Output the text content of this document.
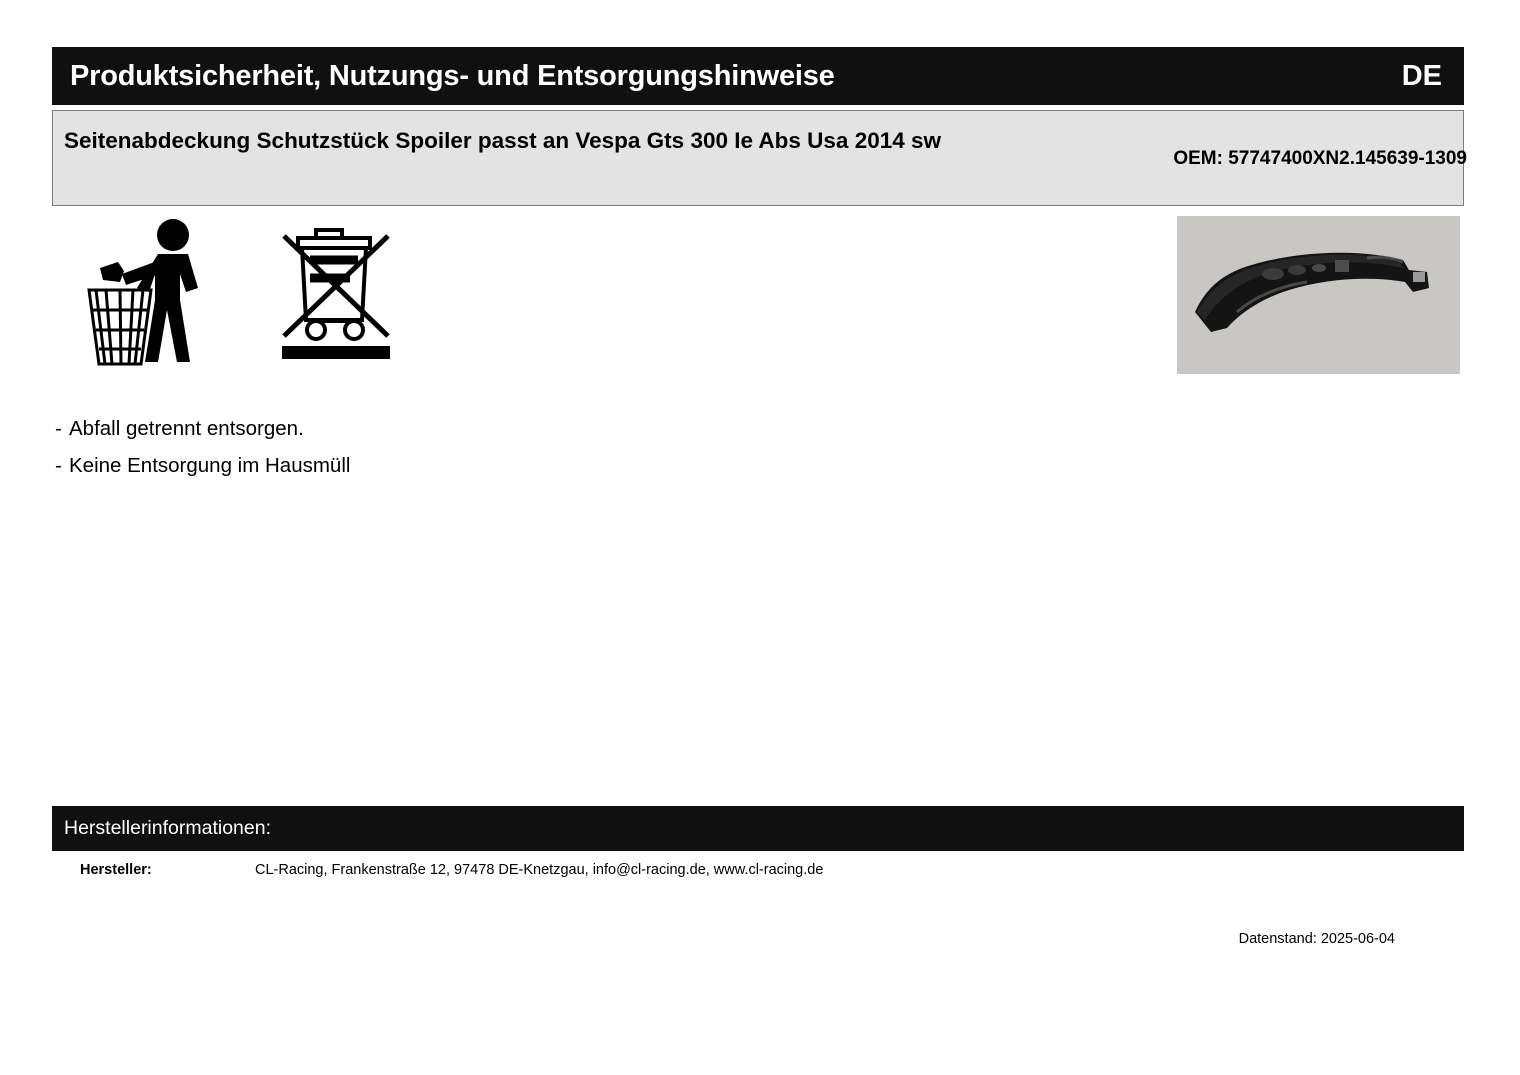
Produktsicherheit, Nutzungs- und Entsorgungshinweise	DE
Seitenabdeckung Schutzstück Spoiler passt an Vespa Gts 300 Ie Abs Usa 2014 sw
OEM: 57747400XN2.145639-1309
- Abfall getrennt entsorgen.
- Keine Entsorgung im Hausmüll
Herstellerinformationen:
Hersteller:	CL-Racing, Frankenstraße 12, 97478 DE-Knetzgau, info@cl-racing.de, www.cl-racing.de
Datenstand: 2025-06-04
